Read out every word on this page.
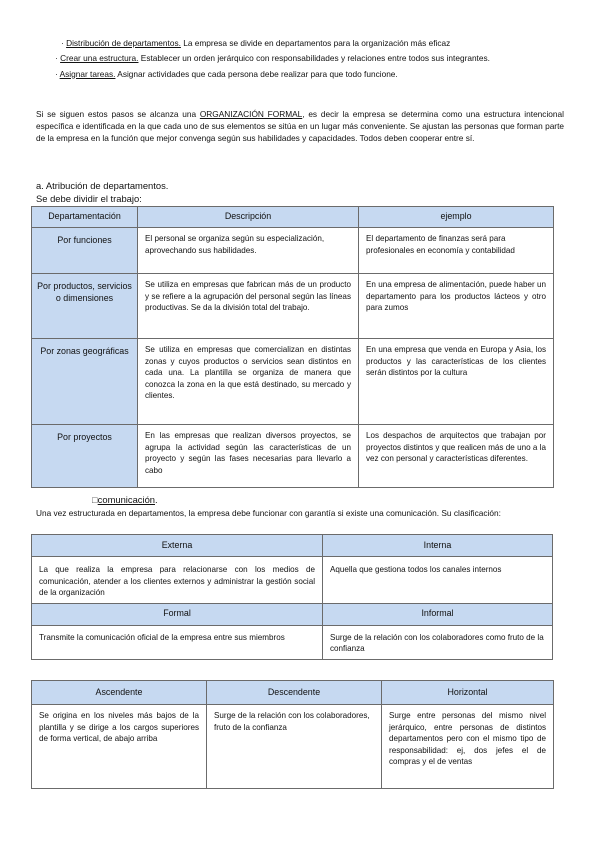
· Distribución de departamentos. La empresa se divide en departamentos para la organización más eficaz
· Crear una estructura. Establecer un orden jerárquico con responsabilidades y relaciones entre todos sus integrantes.
· Asignar tareas. Asignar actividades que cada persona debe realizar para que todo funcione.
Si se siguen estos pasos se alcanza una ORGANIZACIÓN FORMAL, es decir la empresa se determina como una estructura intencional específica e identificada en la que cada uno de sus elementos se sitúa en un lugar más conveniente. Se ajustan las personas que forman parte de la empresa en la función que mejor convenga según sus habilidades y capacidades. Todos deben cooperar entre sí.
a. Atribución de departamentos.
Se debe dividir el trabajo:
Departamentación	Descripción	ejemplo
Por funciones	El personal se organiza según su especialización, aprovechando sus habilidades.	El departamento de finanzas será para profesionales en economía y contabilidad
Por productos, servicios o dimensiones	Se utiliza en empresas que fabrican más de un producto y se refiere a la agrupación del personal según las líneas productivas. Se da la división total del trabajo.	En una empresa de alimentación, puede haber un departamento para los productos lácteos y otro para zumos
Por zonas geográficas	Se utiliza en empresas que comercializan en distintas zonas y cuyos productos o servicios sean distintos en cada una. La plantilla se organiza de manera que conozca la zona en la que está destinado, su mercado y clientes.	En una empresa que venda en Europa y Asia, los productos y las características de los clientes serán distintos por la cultura
Por proyectos	En las empresas que realizan diversos proyectos, se agrupa la actividad según las características de un proyecto y según las fases necesarias para llevarlo a cabo	Los despachos de arquitectos que trabajan por proyectos distintos y que realicen más de uno a la vez con personal y características diferentes.
□comunicación.
Una vez estructurada en departamentos, la empresa debe funcionar con garantía si existe una comunicación. Su clasificación:
Externa	Interna
La que realiza la empresa para relacionarse con los medios de comunicación, atender a los clientes externos y administrar la gestión social de la organización	Aquella que gestiona todos los canales internos
Formal	Informal
Transmite la comunicación oficial de la empresa entre sus miembros	Surge de la relación con los colaboradores como fruto de la confianza
Ascendente	Descendente	Horizontal
Se origina en los niveles más bajos de la plantilla y se dirige a los cargos superiores de forma vertical, de abajo arriba	Surge de la relación con los colaboradores, fruto de la confianza	Surge entre personas del mismo nivel jerárquico, entre personas de distintos departamentos pero con el mismo tipo de responsabilidad: ej, dos jefes el de compras y el de ventas
